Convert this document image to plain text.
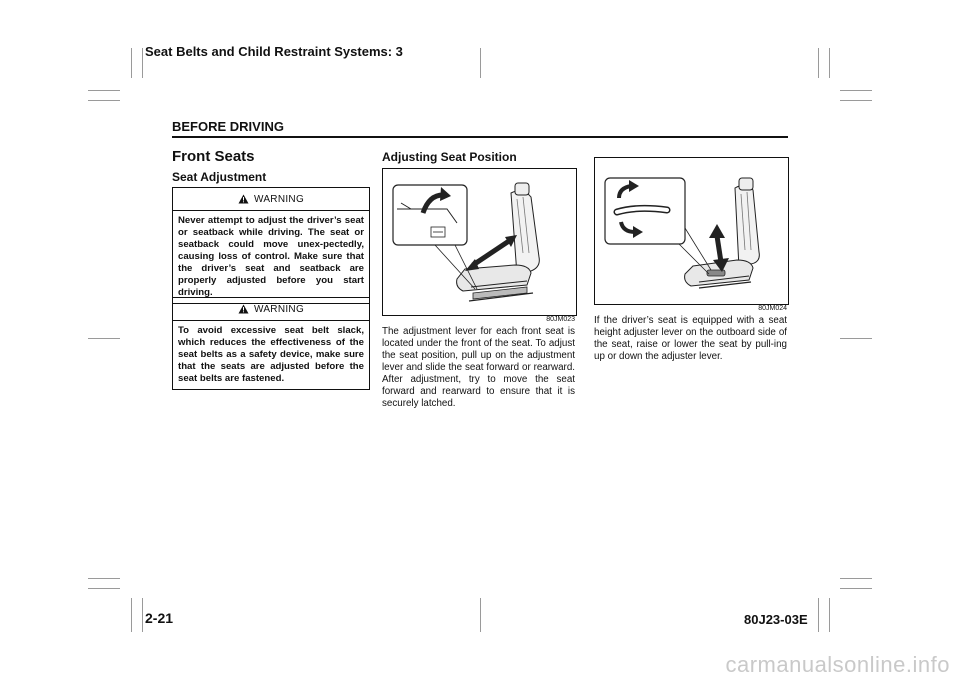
Seat Belts and Child Restraint Systems: 3
BEFORE DRIVING
Front Seats
Seat Adjustment
WARNING
Never attempt to adjust the driver’s seat or seatback while driving. The seat or seatback could move unex-pectedly, causing loss of control. Make sure that the driver’s seat and seatback are properly adjusted before you start driving.
WARNING
To avoid excessive seat belt slack, which reduces the effectiveness of the seat belts as a safety device, make sure that the seats are adjusted before the seat belts are fastened.
Adjusting Seat Position
80JM023
The adjustment lever for each front seat is located under the front of the seat. To adjust the seat position, pull up on the adjustment lever and slide the seat forward or rearward. After adjustment, try to move the seat forward and rearward to ensure that it is securely latched.
80JM024
If the driver’s seat is equipped with a seat height adjuster lever on the outboard side of the seat, raise or lower the seat by pull-ing up or down the adjuster lever.
2-21	80J23-03E
carmanualsonline.info
